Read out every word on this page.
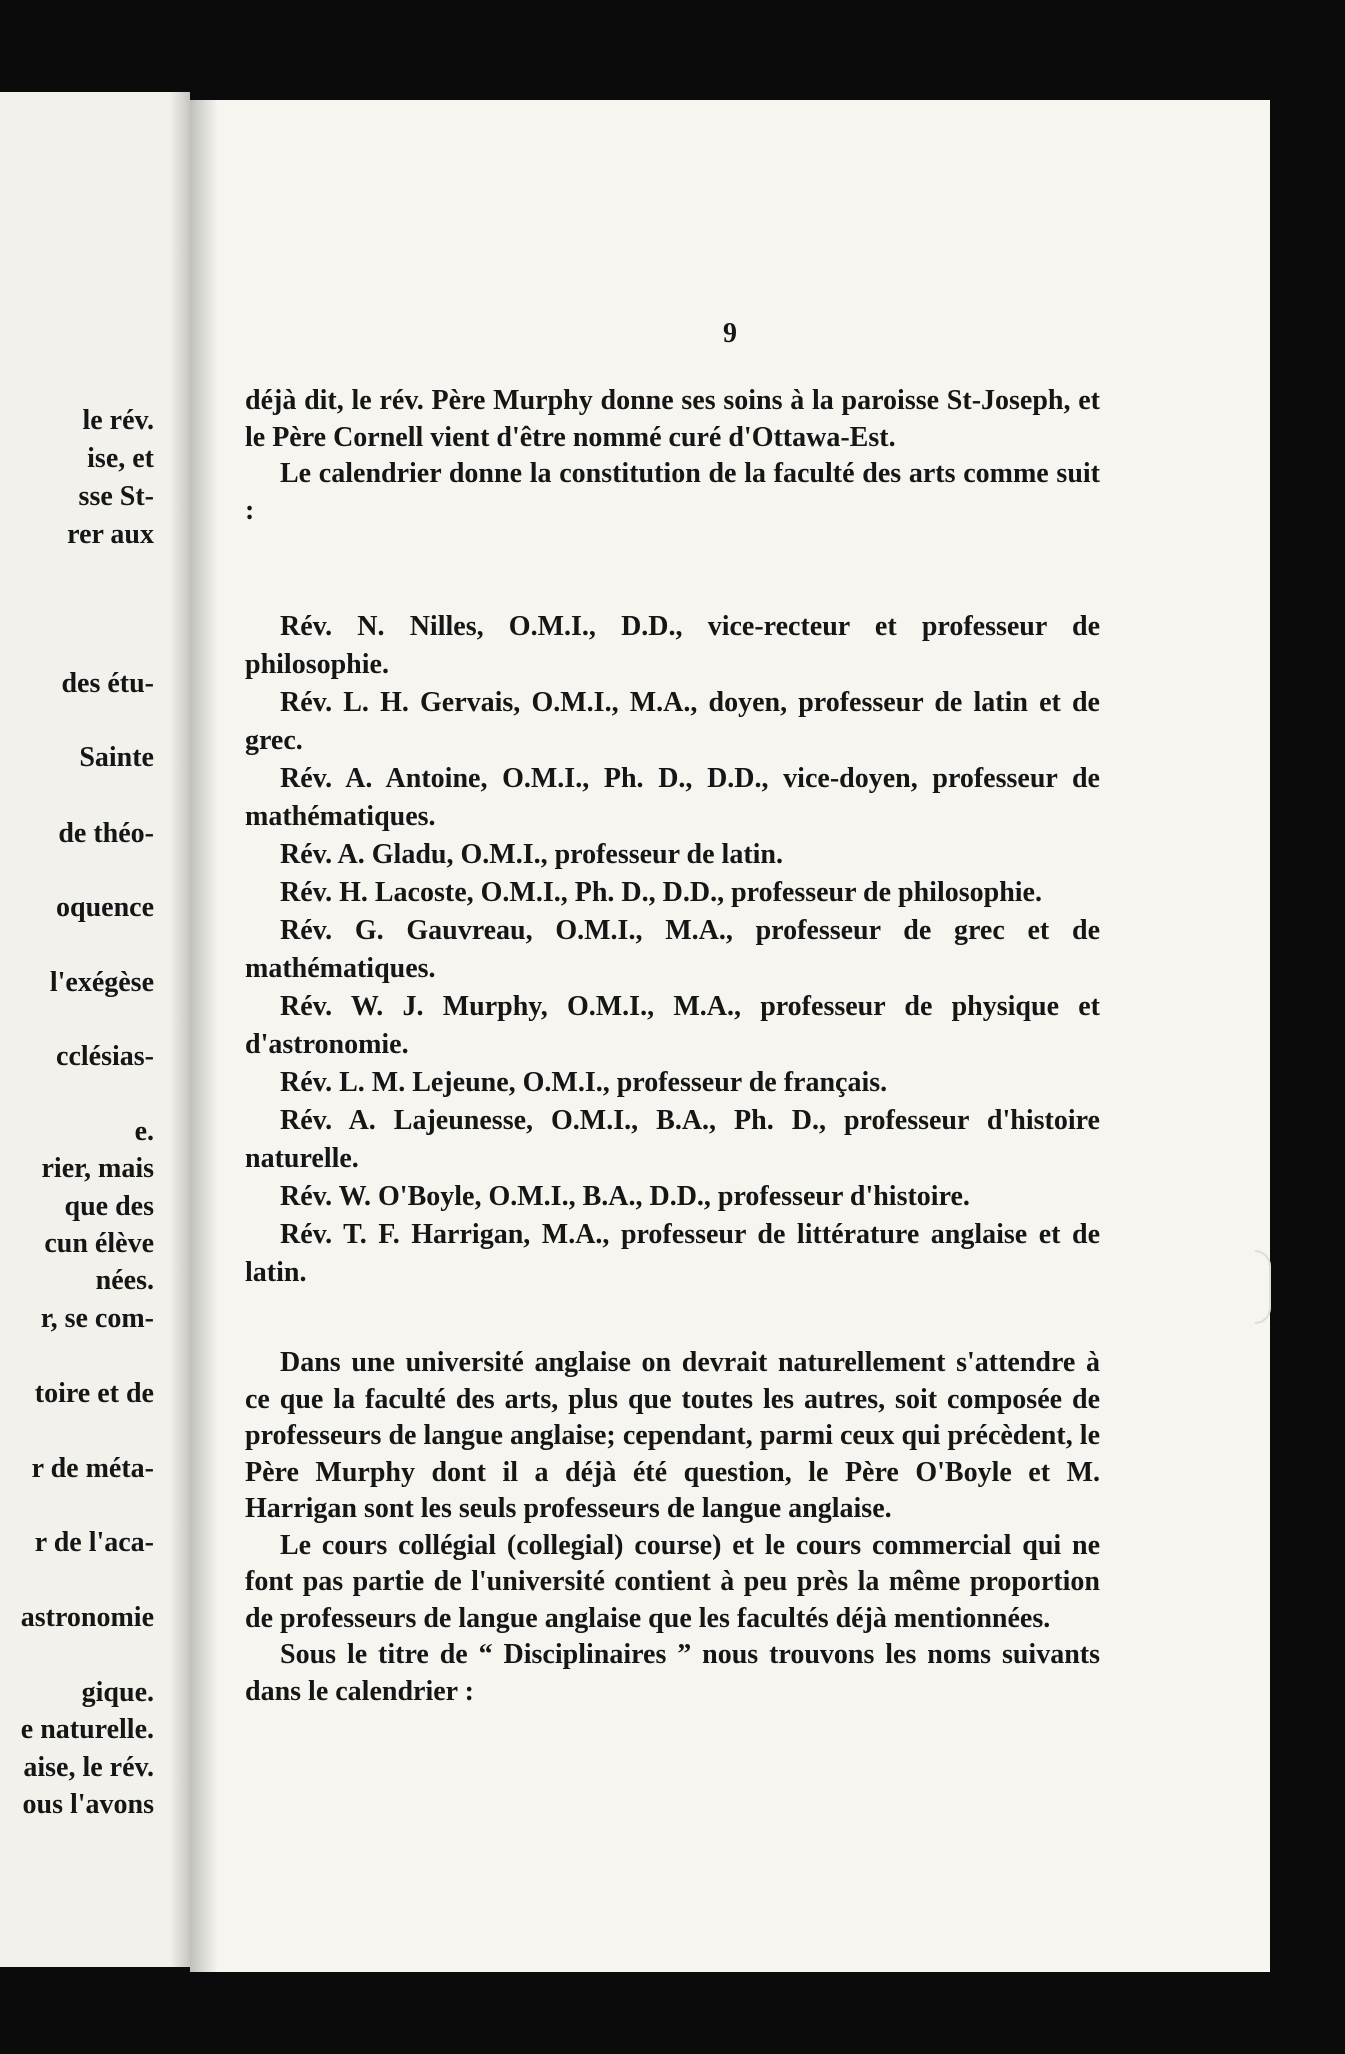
le rév.
ise, et
sse St-
rer aux
des étu-
Sainte
de théo-
oquence
l'exégèse
cclésias-
e.
rier, mais
que des
cun élève
nées.
r, se com-
toire et de
r de méta-
r de l'aca-
astronomie
gique.
e naturelle.
aise, le rév.
ous l'avons
9

déjà dit, le rév. Père Murphy donne ses soins à la paroisse St-Joseph, et le Père Cornell vient d'être nommé curé d'Ottawa-Est.

Le calendrier donne la constitution de la faculté des arts comme suit :

Rév. N. Nilles, O.M.I., D.D., vice-recteur et professeur de philosophie.

Rév. L. H. Gervais, O.M.I., M.A., doyen, professeur de latin et de grec.

Rév. A. Antoine, O.M.I., Ph. D., D.D., vice-doyen, professeur de mathématiques.

Rév. A. Gladu, O.M.I., professeur de latin.

Rév. H. Lacoste, O.M.I., Ph. D., D.D., professeur de philosophie.

Rév. G. Gauvreau, O.M.I., M.A., professeur de grec et de mathématiques.

Rév. W. J. Murphy, O.M.I., M.A., professeur de physique et d'astronomie.

Rév. L. M. Lejeune, O.M.I., professeur de français.

Rév. A. Lajeunesse, O.M.I., B.A., Ph. D., professeur d'histoire naturelle.

Rév. W. O'Boyle, O.M.I., B.A., D.D., professeur d'histoire.

Rév. T. F. Harrigan, M.A., professeur de littérature anglaise et de latin.

Dans une université anglaise on devrait naturellement s'attendre à ce que la faculté des arts, plus que toutes les autres, soit composée de professeurs de langue anglaise; cependant, parmi ceux qui précèdent, le Père Murphy dont il a déjà été question, le Père O'Boyle et M. Harrigan sont les seuls professeurs de langue anglaise.

Le cours collégial (collegial) course) et le cours commercial qui ne font pas partie de l'université contient à peu près la même proportion de professeurs de langue anglaise que les facultés déjà mentionnées.

Sous le titre de “ Disciplinaires ” nous trouvons les noms suivants dans le calendrier :
